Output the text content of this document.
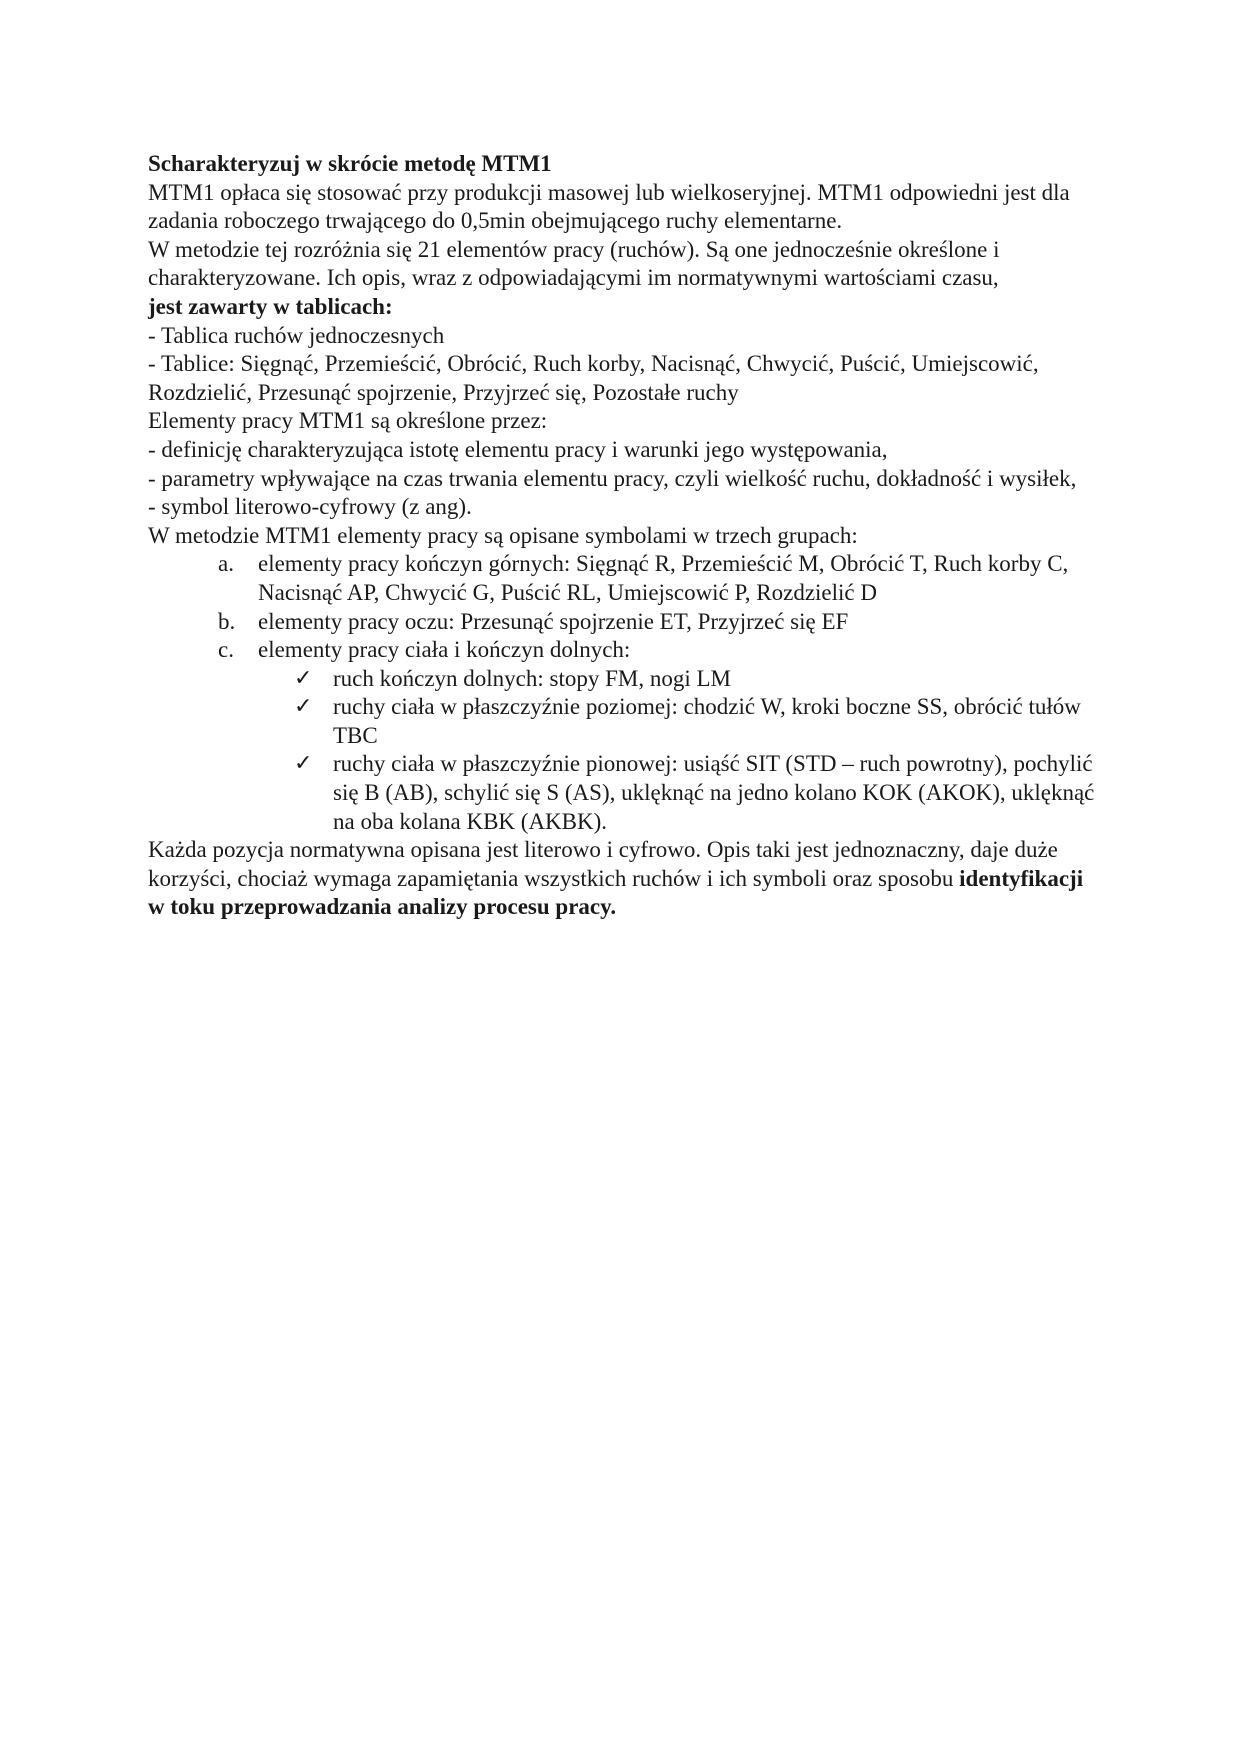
Scharakteryzuj w skrócie metodę MTM1

MTM1 opłaca się stosować przy produkcji masowej lub wielkoseryjnej. MTM1 odpowiedni jest dla zadania roboczego trwającego do 0,5min obejmującego ruchy elementarne.

W metodzie tej rozróżnia się 21 elementów pracy (ruchów). Są one jednocześnie określone i charakteryzowane. Ich opis, wraz z odpowiadającymi im normatywnymi wartościami czasu,
jest zawarty w tablicach:

- Tablica ruchów jednoczesnych

- Tablice: Sięgnąć, Przemieścić, Obrócić, Ruch korby, Nacisnąć, Chwycić, Puścić, Umiejscowić, Rozdzielić, Przesunąć spojrzenie, Przyjrzeć się, Pozostałe ruchy

Elementy pracy MTM1 są określone przez:

- definicję charakteryzująca istotę elementu pracy i warunki jego występowania,

- parametry wpływające na czas trwania elementu pracy, czyli wielkość ruchu, dokładność i wysiłek,

- symbol literowo-cyfrowy (z ang).

W metodzie MTM1 elementy pracy są opisane symbolami w trzech grupach:

a.	elementy pracy kończyn górnych: Sięgnąć R, Przemieścić M, Obrócić T, Ruch korby C, Nacisnąć AP, Chwycić G, Puścić RL, Umiejscowić P, Rozdzielić D
b. elementy pracy oczu: Przesunąć spojrzenie ET, Przyjrzeć się EF
c.	elementy pracy ciała i kończyn dolnych:
✓ ruch kończyn dolnych: stopy FM, nogi LM
✓ ruchy ciała w płaszczyźnie poziomej: chodzić W, kroki boczne SS, obrócić tułów TBC
✓ ruchy ciała w płaszczyźnie pionowej: usiąść SIT (STD – ruch powrotny), pochylić się B (AB), schylić się S (AS), uklęknąć na jedno kolano KOK (AKOK), uklęknąć na oba kolana KBK (AKBK).

Każda pozycja normatywna opisana jest literowo i cyfrowo. Opis taki jest jednoznaczny, daje duże korzyści, chociaż wymaga zapamiętania wszystkich ruchów i ich symboli oraz sposobu identyfikacji w toku przeprowadzania analizy procesu pracy.
